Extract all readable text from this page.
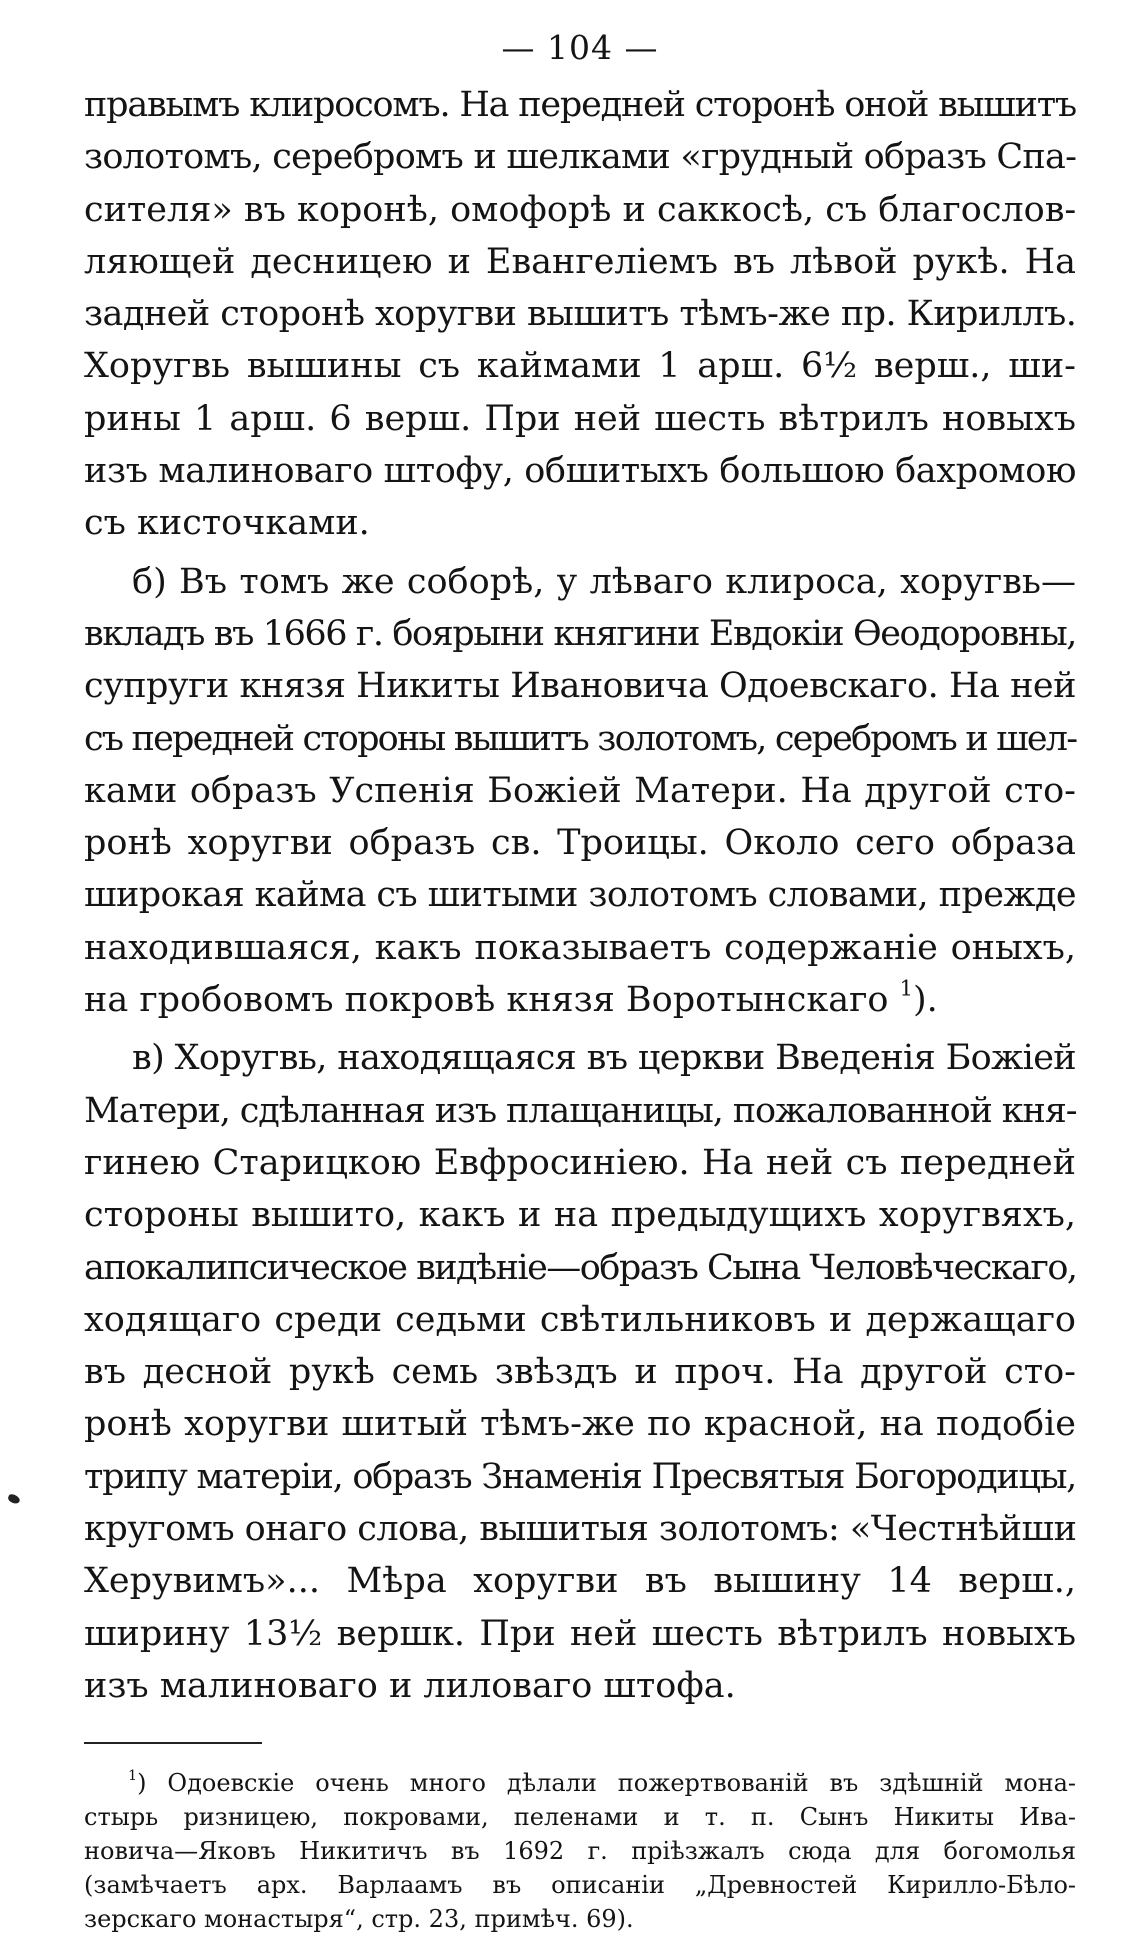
— 104 —
правымъ клиросомъ. На передней сторонѣ оной вышитъ
золотомъ, серебромъ и шелками «грудный образъ Спа-
сителя» въ коронѣ, омофорѣ и саккосѣ, съ благослов-
ляющей десницею и Евангеліемъ въ лѣвой рукѣ. На
задней сторонѣ хоругви вышитъ тѣмъ-же пр. Кириллъ.
Хоругвь вышины съ каймами 1 арш. 6½ верш., ши-
рины 1 арш. 6 верш. При ней шесть вѣтрилъ новыхъ
изъ малиноваго штофу, обшитыхъ большою бахромою
съ кисточками.
б) Въ томъ же соборѣ, у лѣваго клироса, хоругвь—
вкладъ въ 1666 г. боярыни княгини Евдокіи Ѳеодоровны,
супруги князя Никиты Ивановича Одоевскаго. На ней
съ передней стороны вышитъ золотомъ, серебромъ и шел-
ками образъ Успенія Божіей Матери. На другой сто-
ронѣ хоругви образъ св. Троицы. Около сего образа
широкая кайма съ шитыми золотомъ словами, прежде
находившаяся, какъ показываетъ содержаніе оныхъ,
на гробовомъ покровѣ князя Воротынскаго $^1$).
в) Хоругвь, находящаяся въ церкви Введенія Божіей
Матери, сдѣланная изъ плащаницы, пожалованной кня-
гинею Старицкою Евфросиніею. На ней съ передней
стороны вышито, какъ и на предыдущихъ хоругвяхъ,
апокалипсическое видѣніе—образъ Сына Человѣческаго,
ходящаго среди седьми свѣтильниковъ и держащаго
въ десной рукѣ семь звѣздъ и проч. На другой сто-
ронѣ хоругви шитый тѣмъ-же по красной, на подобіе
трипу матеріи, образъ Знаменія Пресвятыя Богородицы,
кругомъ онаго слова, вышитыя золотомъ: «Честнѣйши
Херувимъ»... Мѣра хоругви въ вышину 14 верш.,
ширину 13½ вершк. При ней шесть вѣтрилъ новыхъ
изъ малиноваго и лиловаго штофа.
$^1$) Одоевскіе очень много дѣлали пожертвованій въ здѣшній мона-
стырь ризницею, покровами, пеленами и т. п. Сынъ Никиты Ива-
новича—Яковъ Никитичъ въ 1692 г. пріѣзжалъ сюда для богомолья
(замѣчаетъ арх. Варлаамъ въ описаніи „Древностей Кирилло-Бѣло-
зерскаго монастыря“, стр. 23, примѣч. 69).
